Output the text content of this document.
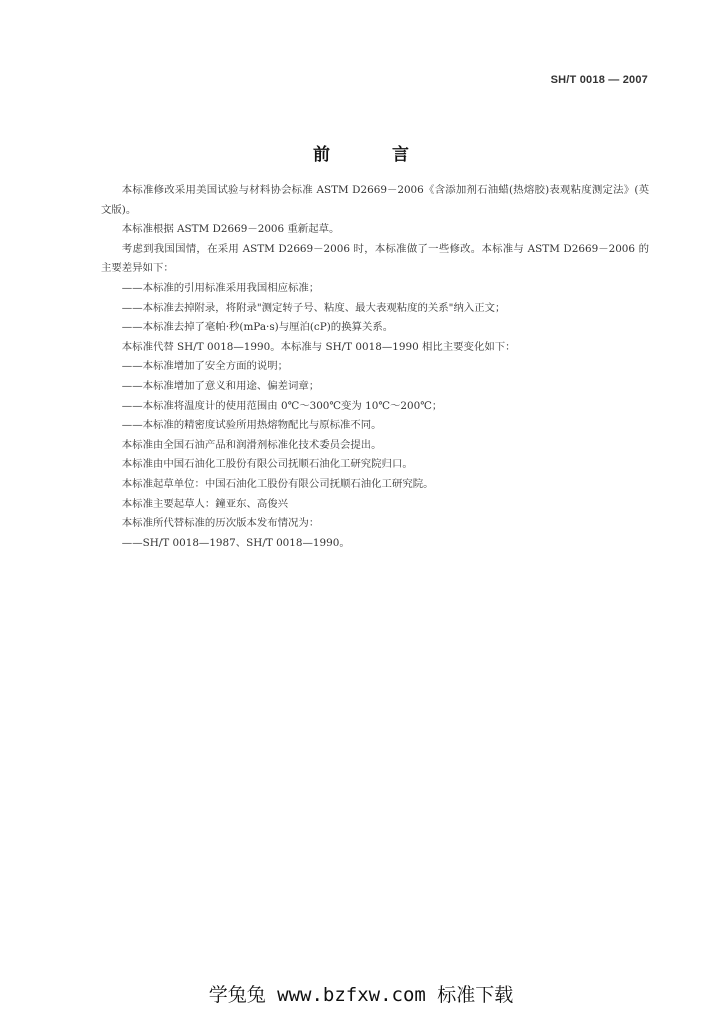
SH/T 0018 — 2007
前 言

本标准修改采用美国试验与材料协会标准 ASTM D2669－2006《含添加剂石油蜡(热熔胶)表观粘度测定法》(英文版)。

本标准根据 ASTM D2669－2006 重新起草。

考虑到我国国情，在采用 ASTM D2669－2006 时，本标准做了一些修改。本标准与 ASTM D2669－2006 的主要差异如下：

——本标准的引用标准采用我国相应标准；

——本标准去掉附录，将附录"测定转子号、粘度、最大表观粘度的关系"纳入正文；

——本标准去掉了毫帕·秒(mPa·s)与厘泊(cP)的换算关系。

本标准代替 SH/T 0018—1990。本标准与 SH/T 0018—1990 相比主要变化如下：

——本标准增加了安全方面的说明；

——本标准增加了意义和用途、偏差词章；

——本标准将温度计的使用范围由 0℃～300℃变为 10℃～200℃；

——本标准的精密度试验所用热熔物配比与原标准不同。

本标准由全国石油产品和润滑剂标准化技术委员会提出。

本标准由中国石油化工股份有限公司抚顺石油化工研究院归口。

本标准起草单位：中国石油化工股份有限公司抚顺石油化工研究院。

本标准主要起草人：鐘亚东、高俊兴

本标准所代替标准的历次版本发布情况为：

——SH/T 0018—1987、SH/T 0018—1990。

学兔兔 www.bzfxw.com 标准下载
